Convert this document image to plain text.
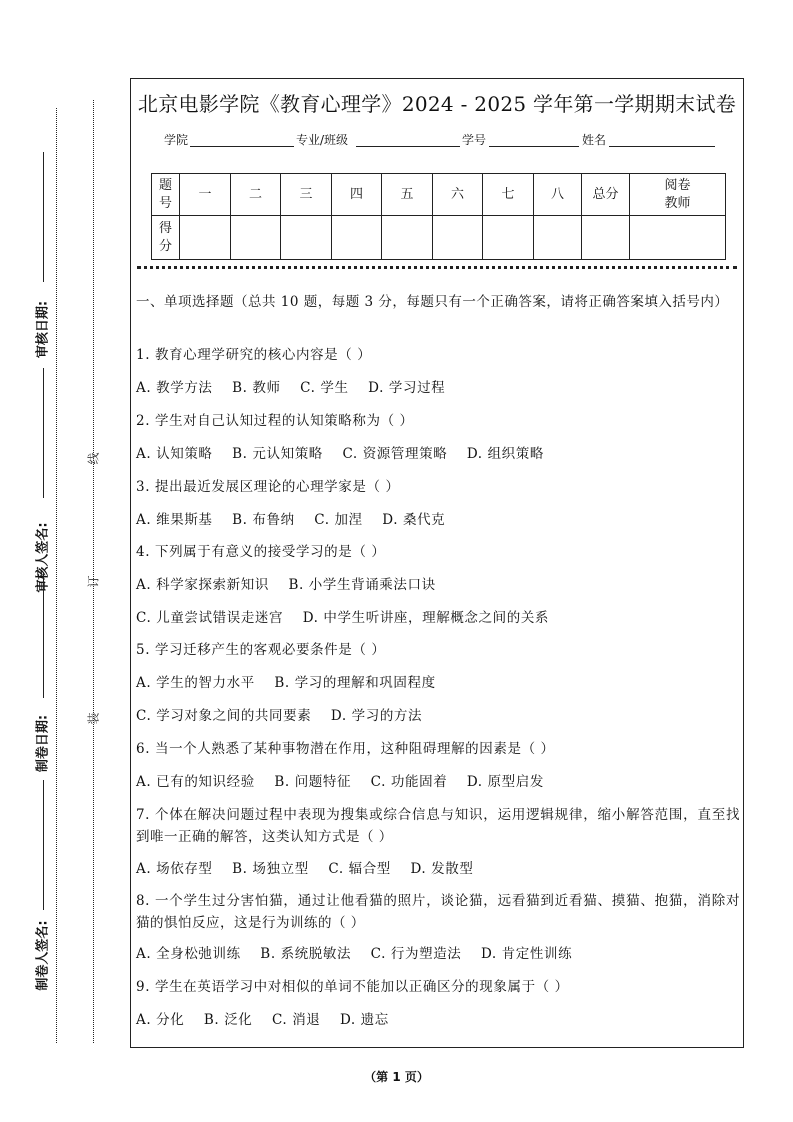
审核日期:
审核人签名:
制卷日期:
制卷人签名:
线
订
装
北京电影学院《教育心理学》2024 - 2025 学年第一学期期末试卷
学院	专业/班级	学号	姓名
题号	一	二	三	四	五	六	七	八	总分	阅卷教师
得分										
一、单项选择题（总共 10 题，每题 3 分，每题只有一个正确答案，请将正确答案填入括号内）
1. 教育心理学研究的核心内容是（ ）
A. 教学方法    B. 教师    C. 学生    D. 学习过程
2. 学生对自己认知过程的认知策略称为（ ）
A. 认知策略    B. 元认知策略    C. 资源管理策略    D. 组织策略
3. 提出最近发展区理论的心理学家是（ ）
A. 维果斯基    B. 布鲁纳    C. 加涅    D. 桑代克
4. 下列属于有意义的接受学习的是（ ）
A. 科学家探索新知识    B. 小学生背诵乘法口诀
C. 儿童尝试错误走迷宫    D. 中学生听讲座，理解概念之间的关系
5. 学习迁移产生的客观必要条件是（ ）
A. 学生的智力水平    B. 学习的理解和巩固程度
C. 学习对象之间的共同要素    D. 学习的方法
6. 当一个人熟悉了某种事物潜在作用，这种阻碍理解的因素是（ ）
A. 已有的知识经验    B. 问题特征    C. 功能固着    D. 原型启发
7. 个体在解决问题过程中表现为搜集或综合信息与知识，运用逻辑规律，缩小解答范围，直至找到唯一正确的解答，这类认知方式是（ ）
A. 场依存型    B. 场独立型    C. 辐合型    D. 发散型
8. 一个学生过分害怕猫，通过让他看猫的照片，谈论猫，远看猫到近看猫、摸猫、抱猫，消除对猫的惧怕反应，这是行为训练的（ ）
A. 全身松弛训练    B. 系统脱敏法    C. 行为塑造法    D. 肯定性训练
9. 学生在英语学习中对相似的单词不能加以正确区分的现象属于（ ）
A. 分化    B. 泛化    C. 消退    D. 遗忘
（第 1 页）
